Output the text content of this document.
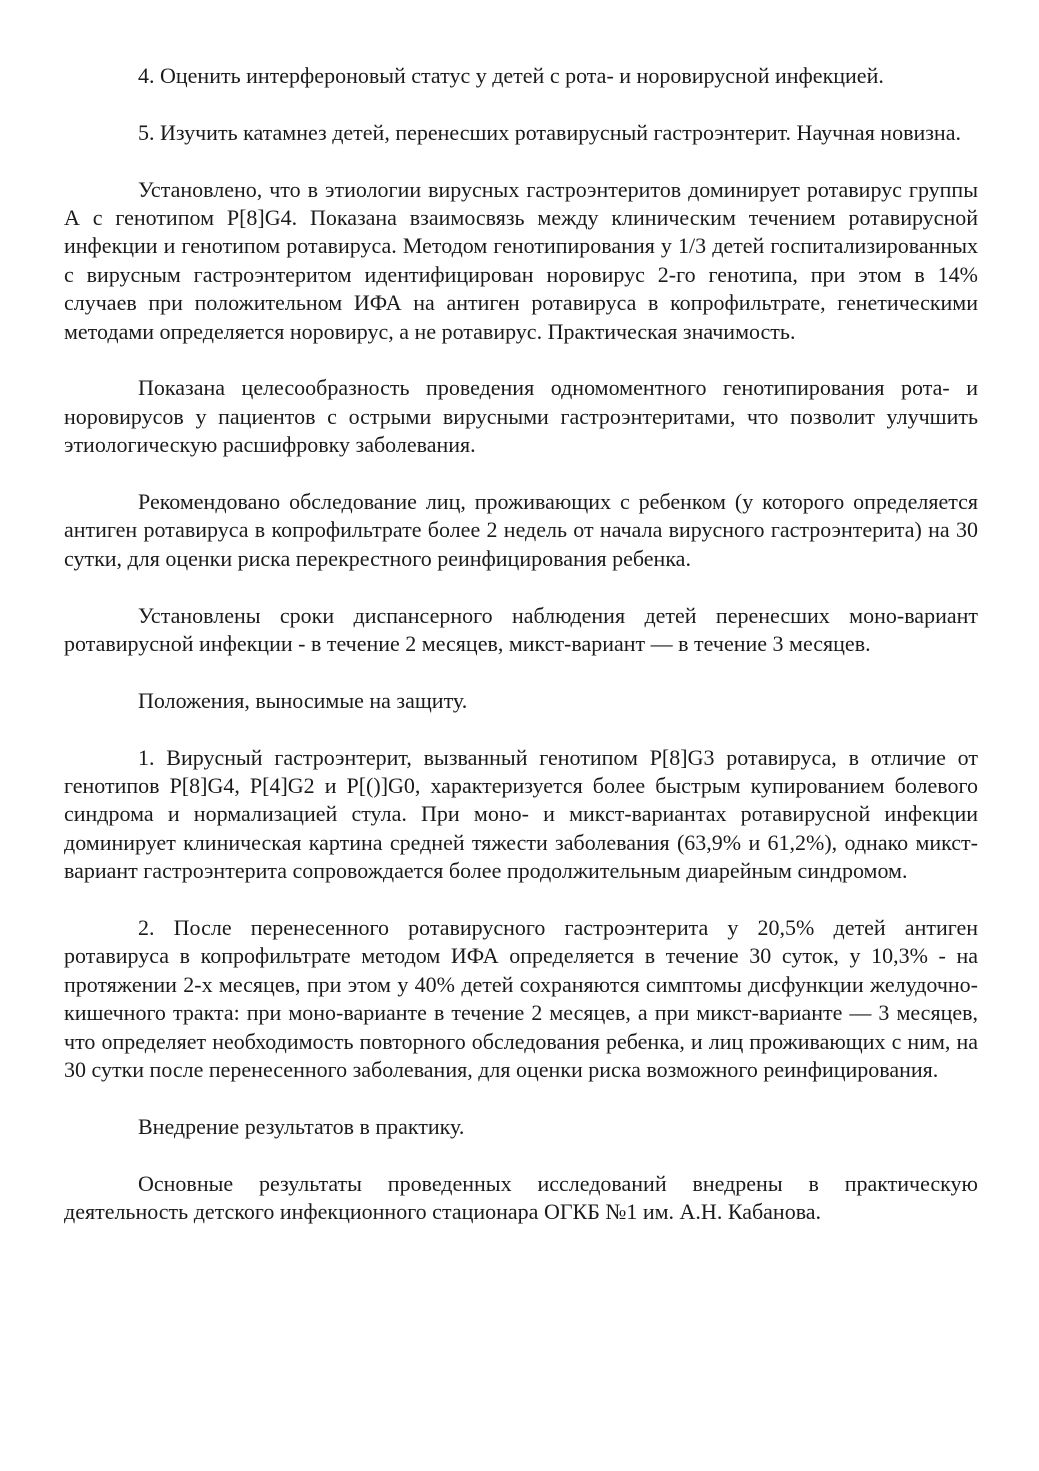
4. Оценить интерфероновый статус у детей с рота- и норовирусной инфекцией.

5. Изучить катамнез детей, перенесших ротавирусный гастроэнтерит. Научная новизна.

Установлено, что в этиологии вирусных гастроэнтеритов доминирует ротавирус группы А с генотипом P[8]G4. Показана взаимосвязь между клиническим течением ротавирусной инфекции и генотипом ротавируса. Методом генотипирования у 1/3 детей госпитализированных с вирусным гастроэнтеритом идентифицирован норовирус 2-го генотипа, при этом в 14% случаев при положительном ИФА на антиген ротавируса в копрофильтрате, генетическими методами определяется норовирус, а не ротавирус. Практическая значимость.

Показана целесообразность проведения одномоментного генотипирования рота- и норовирусов у пациентов с острыми вирусными гастроэнтеритами, что позволит улучшить этиологическую расшифровку заболевания.

Рекомендовано обследование лиц, проживающих с ребенком (у которого определяется антиген ротавируса в копрофильтрате более 2 недель от начала вирусного гастроэнтерита) на 30 сутки, для оценки риска перекрестного реинфицирования ребенка.

Установлены сроки диспансерного наблюдения детей перенесших моно-вариант ротавирусной инфекции - в течение 2 месяцев, микст-вариант — в течение 3 месяцев.

Положения, выносимые на защиту.

1. Вирусный гастроэнтерит, вызванный генотипом P[8]G3 ротавируса, в отличие от генотипов P[8]G4, P[4]G2 и P[()]G0, характеризуется более быстрым купированием болевого синдрома и нормализацией стула. При моно- и микст-вариантах ротавирусной инфекции доминирует клиническая картина средней тяжести заболевания (63,9% и 61,2%), однако микст-вариант гастроэнтерита сопровождается более продолжительным диарейным синдромом.

2. После перенесенного ротавирусного гастроэнтерита у 20,5% детей антиген ротавируса в копрофильтрате методом ИФА определяется в течение 30 суток, у 10,3% - на протяжении 2-х месяцев, при этом у 40% детей сохраняются симптомы дисфункции желудочно-кишечного тракта: при моно-варианте в течение 2 месяцев, а при микст-варианте — 3 месяцев, что определяет необходимость повторного обследования ребенка, и лиц проживающих с ним, на 30 сутки после перенесенного заболевания, для оценки риска возможного реинфицирования.

Внедрение результатов в практику.

Основные результаты проведенных исследований внедрены в практическую деятельность детского инфекционного стационара ОГКБ №1 им. А.Н. Кабанова.
